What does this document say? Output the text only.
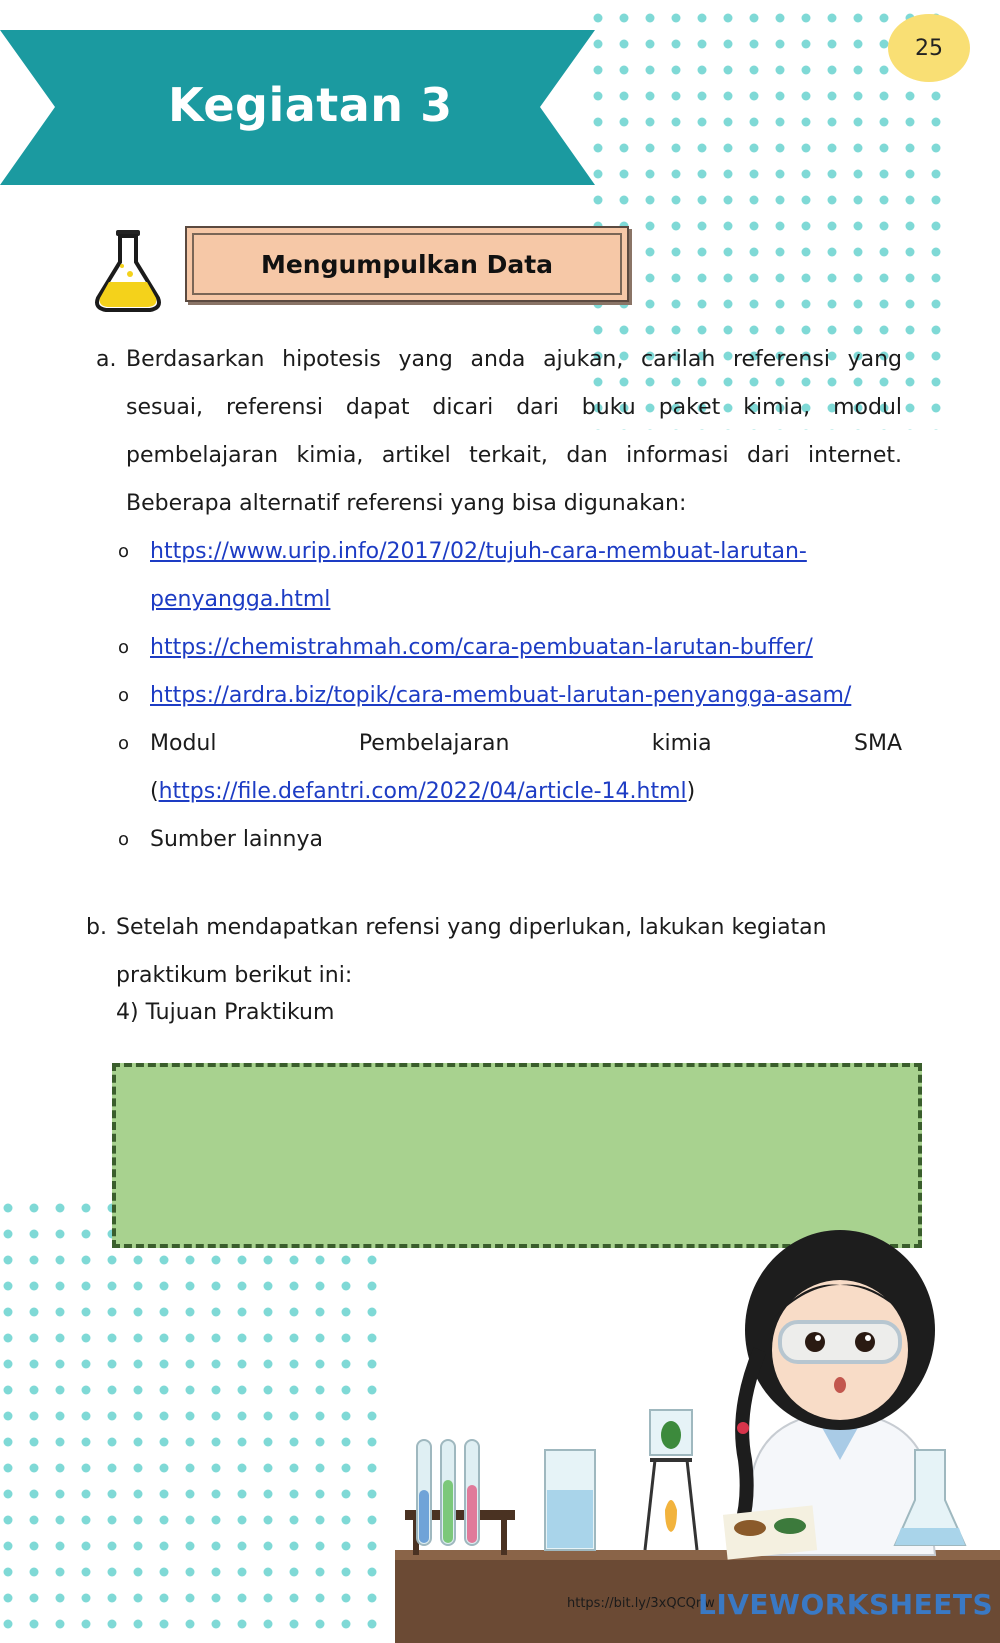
Kegiatan 3
25
Mengumpulkan Data
a. Berdasarkan hipotesis yang anda ajukan, carilah referensi yang sesuai, referensi dapat dicari dari buku paket kimia, modul pembelajaran kimia, artikel terkait, dan informasi dari internet. Beberapa alternatif referensi yang bisa digunakan:
o https://www.urip.info/2017/02/tujuh-cara-membuat-larutan-penyangga.html
o https://chemistrahmah.com/cara-pembuatan-larutan-buffer/
o https://ardra.biz/topik/cara-membuat-larutan-penyangga-asam/
o Modul	Pembelajaran	kimia	SMA
(https://file.defantri.com/2022/04/article-14.html)
o Sumber lainnya
b. Setelah mendapatkan refensi yang diperlukan, lakukan kegiatan praktikum berikut ini:
4) Tujuan Praktikum
https://bit.ly/3xQCQnw
LIVEWORKSHEETS
